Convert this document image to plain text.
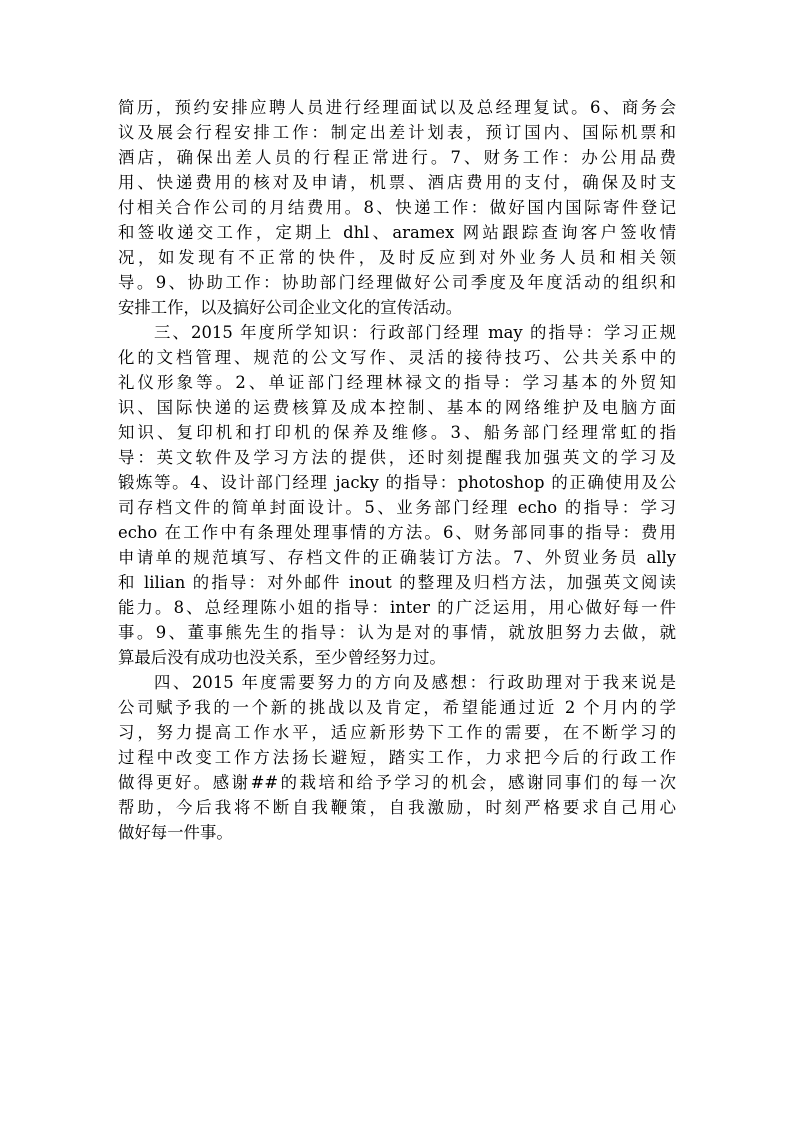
简历，预约安排应聘人员进行经理面试以及总经理复试。6、商务会
议及展会行程安排工作：制定出差计划表，预订国内、国际机票和
酒店，确保出差人员的行程正常进行。7、财务工作：办公用品费
用、快递费用的核对及申请，机票、酒店费用的支付，确保及时支
付相关合作公司的月结费用。8、快递工作：做好国内国际寄件登记
和签收递交工作，定期上 dhl、aramex 网站跟踪查询客户签收情
况，如发现有不正常的快件，及时反应到对外业务人员和相关领
导。9、协助工作：协助部门经理做好公司季度及年度活动的组织和
安排工作，以及搞好公司企业文化的宣传活动。
三、2015 年度所学知识：行政部门经理 may 的指导：学习正规
化的文档管理、规范的公文写作、灵活的接待技巧、公共关系中的
礼仪形象等。2、单证部门经理林禄文的指导：学习基本的外贸知
识、国际快递的运费核算及成本控制、基本的网络维护及电脑方面
知识、复印机和打印机的保养及维修。3、船务部门经理常虹的指
导：英文软件及学习方法的提供，还时刻提醒我加强英文的学习及
锻炼等。4、设计部门经理 jacky 的指导：photoshop 的正确使用及公
司存档文件的简单封面设计。5、业务部门经理 echo 的指导：学习
echo 在工作中有条理处理事情的方法。6、财务部同事的指导：费用
申请单的规范填写、存档文件的正确装订方法。7、外贸业务员 ally
和 lilian 的指导：对外邮件 inout 的整理及归档方法，加强英文阅读
能力。8、总经理陈小姐的指导：inter 的广泛运用，用心做好每一件
事。9、董事熊先生的指导：认为是对的事情，就放胆努力去做，就
算最后没有成功也没关系，至少曾经努力过。
四、2015 年度需要努力的方向及感想：行政助理对于我来说是
公司赋予我的一个新的挑战以及肯定，希望能通过近 2 个月内的学
习，努力提高工作水平，适应新形势下工作的需要，在不断学习的
过程中改变工作方法扬长避短，踏实工作，力求把今后的行政工作
做得更好。感谢##的栽培和给予学习的机会，感谢同事们的每一次
帮助，今后我将不断自我鞭策，自我激励，时刻严格要求自己用心
做好每一件事。
